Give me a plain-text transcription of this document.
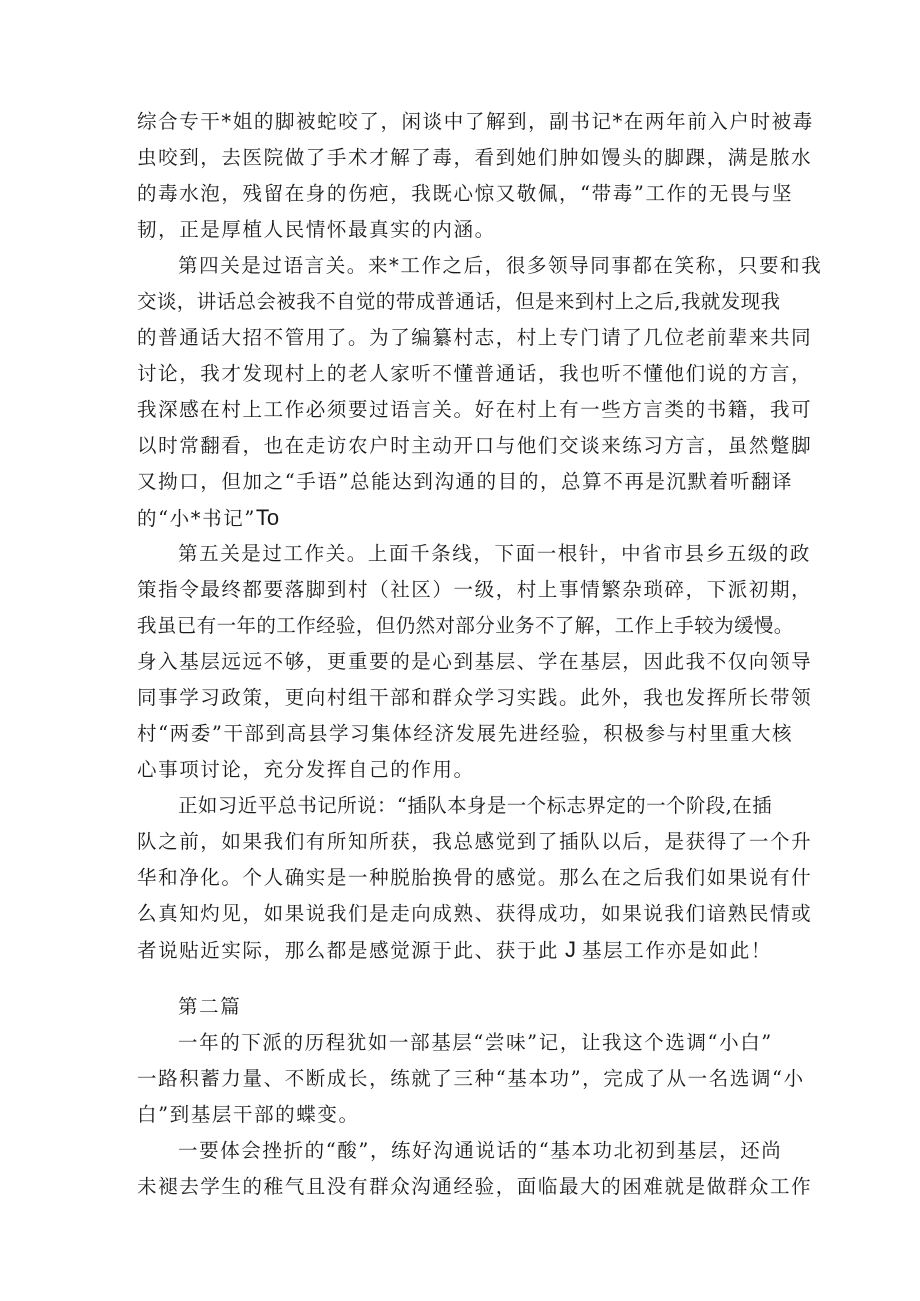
综合专干*姐的脚被蛇咬了，闲谈中了解到，副书记*在两年前入户时被毒
虫咬到，去医院做了手术才解了毒，看到她们肿如馒头的脚踝，满是脓水
的毒水泡，残留在身的伤疤，我既心惊又敬佩，“带毒”工作的无畏与坚
韧，正是厚植人民情怀最真实的内涵。
第四关是过语言关。来*工作之后，很多领导同事都在笑称，只要和我
交谈，讲话总会被我不自觉的带成普通话，但是来到村上之后,我就发现我
的普通话大招不管用了。为了编纂村志，村上专门请了几位老前辈来共同
讨论，我才发现村上的老人家听不懂普通话，我也听不懂他们说的方言，
我深感在村上工作必须要过语言关。好在村上有一些方言类的书籍，我可
以时常翻看，也在走访农户时主动开口与他们交谈来练习方言，虽然蹩脚
又拗口，但加之“手语”总能达到沟通的目的，总算不再是沉默着听翻译
的“小*书记”To
第五关是过工作关。上面千条线，下面一根针，中省市县乡五级的政
策指令最终都要落脚到村（社区）一级，村上事情繁杂琐碎，下派初期，
我虽已有一年的工作经验，但仍然对部分业务不了解，工作上手较为缓慢。
身入基层远远不够，更重要的是心到基层、学在基层，因此我不仅向领导
同事学习政策，更向村组干部和群众学习实践。此外，我也发挥所长带领
村“两委”干部到高县学习集体经济发展先进经验，积极参与村里重大核
心事项讨论，充分发挥自己的作用。
正如习近平总书记所说：“插队本身是一个标志界定的一个阶段,在插
队之前，如果我们有所知所获，我总感觉到了插队以后，是获得了一个升
华和净化。个人确实是一种脱胎换骨的感觉。那么在之后我们如果说有什
么真知灼见，如果说我们是走向成熟、获得成功，如果说我们谙熟民情或
者说贴近实际，那么都是感觉源于此、获于此 J 基层工作亦是如此！
第二篇
一年的下派的历程犹如一部基层“尝味”记，让我这个选调“小白”
一路积蓄力量、不断成长，练就了三种“基本功”，完成了从一名选调“小
白”到基层干部的蝶变。
一要体会挫折的“酸”，练好沟通说话的“基本功北初到基层，还尚
未褪去学生的稚气且没有群众沟通经验，面临最大的困难就是做群众工作
